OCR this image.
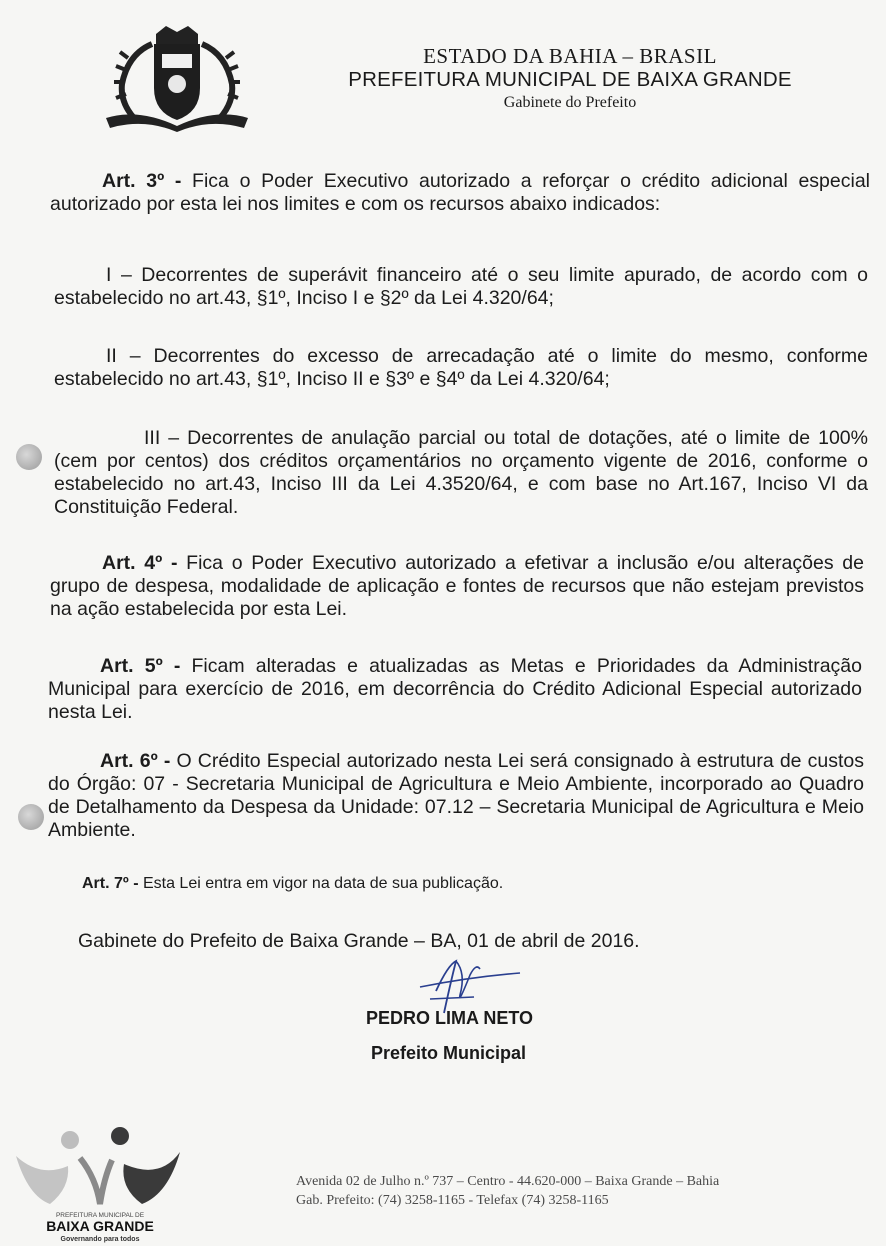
ESTADO DA BAHIA – BRASIL
PREFEITURA MUNICIPAL DE BAIXA GRANDE
Gabinete do Prefeito
Art. 3º - Fica o Poder Executivo autorizado a reforçar o crédito adicional especial autorizado por esta lei nos limites e com os recursos abaixo indicados:
I – Decorrentes de superávit financeiro até o seu limite apurado, de acordo com o estabelecido no art.43, §1º, Inciso I e §2º da Lei 4.320/64;
II – Decorrentes do excesso de arrecadação até o limite do mesmo, conforme estabelecido no art.43, §1º, Inciso II e §3º e §4º da Lei 4.320/64;
III – Decorrentes de anulação parcial ou total de dotações, até o limite de 100% (cem por centos) dos créditos orçamentários no orçamento vigente de 2016, conforme o estabelecido no art.43, Inciso III da Lei 4.3520/64, e com base no Art.167, Inciso VI da Constituição Federal.
Art. 4º - Fica o Poder Executivo autorizado a efetivar a inclusão e/ou alterações de grupo de despesa, modalidade de aplicação e fontes de recursos que não estejam previstos na ação estabelecida por esta Lei.
Art. 5º - Ficam alteradas e atualizadas as Metas e Prioridades da Administração Municipal para exercício de 2016, em decorrência do Crédito Adicional Especial autorizado nesta Lei.
Art. 6º - O Crédito Especial autorizado nesta Lei será consignado à estrutura de custos do Órgão: 07 - Secretaria Municipal de Agricultura e Meio Ambiente, incorporado ao Quadro de Detalhamento da Despesa da Unidade: 07.12 – Secretaria Municipal de Agricultura e Meio Ambiente.
Art. 7º - Esta Lei entra em vigor na data de sua publicação.
Gabinete do Prefeito de Baixa Grande – BA, 01 de abril de 2016.
PEDRO LIMA NETO
Prefeito Municipal
PREFEITURA MUNICIPAL DE
BAIXA GRANDE
Governando para todos
Avenida 02 de Julho n.º 737 – Centro - 44.620-000 – Baixa Grande – Bahia
Gab. Prefeito: (74) 3258-1165 - Telefax (74) 3258-1165
